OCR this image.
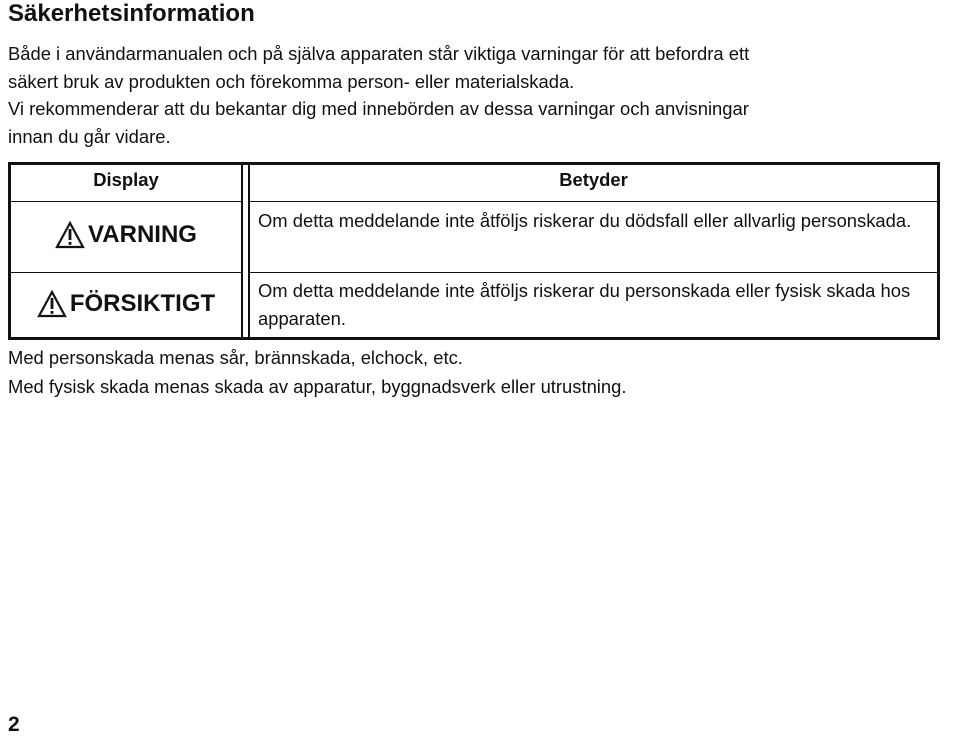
Säkerhetsinformation

Både i användarmanualen och på själva apparaten står viktiga varningar för att befordra ett

säkert bruk av produkten och förekomma person- eller materialskada.

Vi rekommenderar att du bekantar dig med innebörden av dessa varningar och anvisningar

innan du går vidare.

Display	Betyder
VARNING

Om detta meddelande inte åtföljs riskerar du dödsfall eller allvarlig personskada.

FÖRSIKTIGT Om detta meddelande inte åtföljs riskerar du personskada eller fysisk skada hos apparaten.

Med personskada menas sår, brännskada, elchock, etc.

Med fysisk skada menas skada av apparatur, byggnadsverk eller utrustning.

2
